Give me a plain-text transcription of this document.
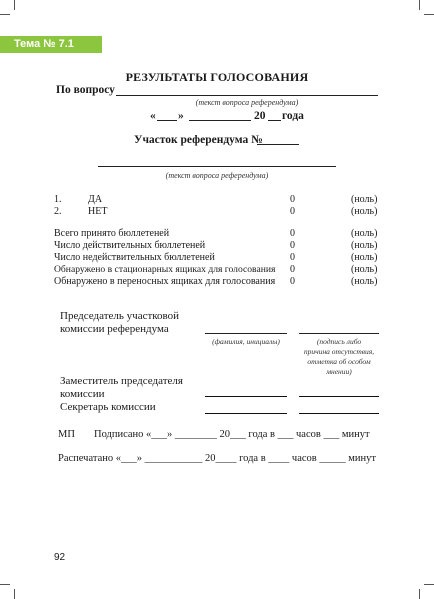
Тема № 7.1
РЕЗУЛЬТАТЫ ГОЛОСОВАНИЯ
По вопросу
(текст вопроса референдума)
« »	20 года
Участок референдума №
(текст вопроса референдума)
1.	ДА	0	(ноль)
2.	НЕТ	0	(ноль)
Всего принято бюллетеней	0	(ноль)
Число действительных бюллетеней	0	(ноль)
Число недействительных бюллетеней	0	(ноль)
Обнаружено в стационарных ящиках для голосования 0	(ноль)
Обнаружено в переносных ящиках для голосования 0	(ноль)
Председатель участковой
комиссии референдума
(фамилия, инициалы)	(подпись либо
причина отсутствия,
отметка об особом
мнении)
Заместитель председателя
комиссии
Секретарь комиссии
МП Подписано «___» ________ 20___ года в ___ часов ___ минут
Распечатано «___» ___________ 20____ года в ____ часов _____ минут
92
